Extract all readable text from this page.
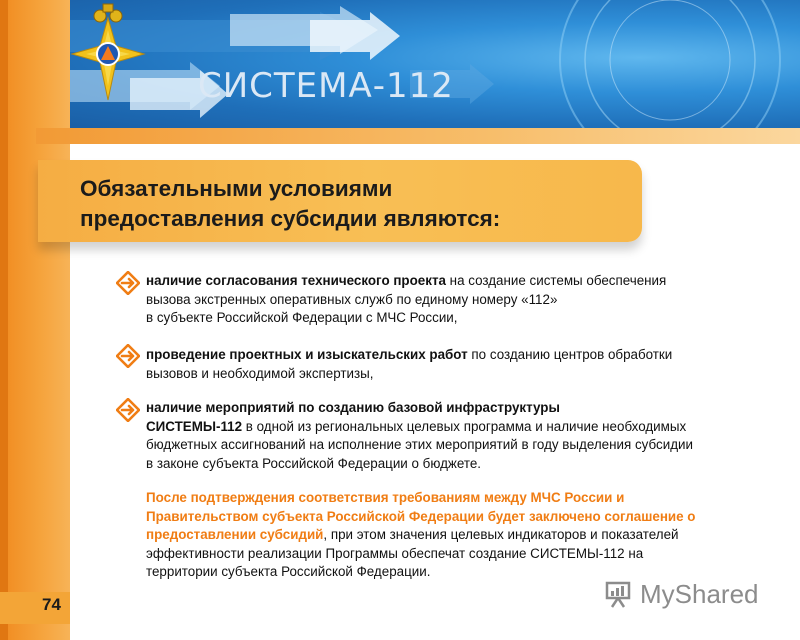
СИСТЕМА-112
Обязательными условиями
предоставления субсидии являются:
наличие согласования технического проекта на создание системы обеспечения
вызова экстренных оперативных служб по единому номеру «112»
в субъекте Российской Федерации с МЧС России,
проведение проектных и изыскательских работ по созданию центров обработки
вызовов и необходимой экспертизы,
наличие мероприятий по созданию базовой инфраструктуры
СИСТЕМЫ-112 в одной из региональных целевых программа и наличие необходимых
бюджетных ассигнований на исполнение этих мероприятий в году выделения субсидии
в законе субъекта Российской Федерации о бюджете.
После подтверждения соответствия требованиям между МЧС России и
Правительством субъекта Российской Федерации будет заключено соглашение о
предоставлении субсидий, при этом значения целевых индикаторов и показателей
эффективности реализации Программы обеспечат создание СИСТЕМЫ-112 на
территории субъекта Российской Федерации.
74	MyShared
